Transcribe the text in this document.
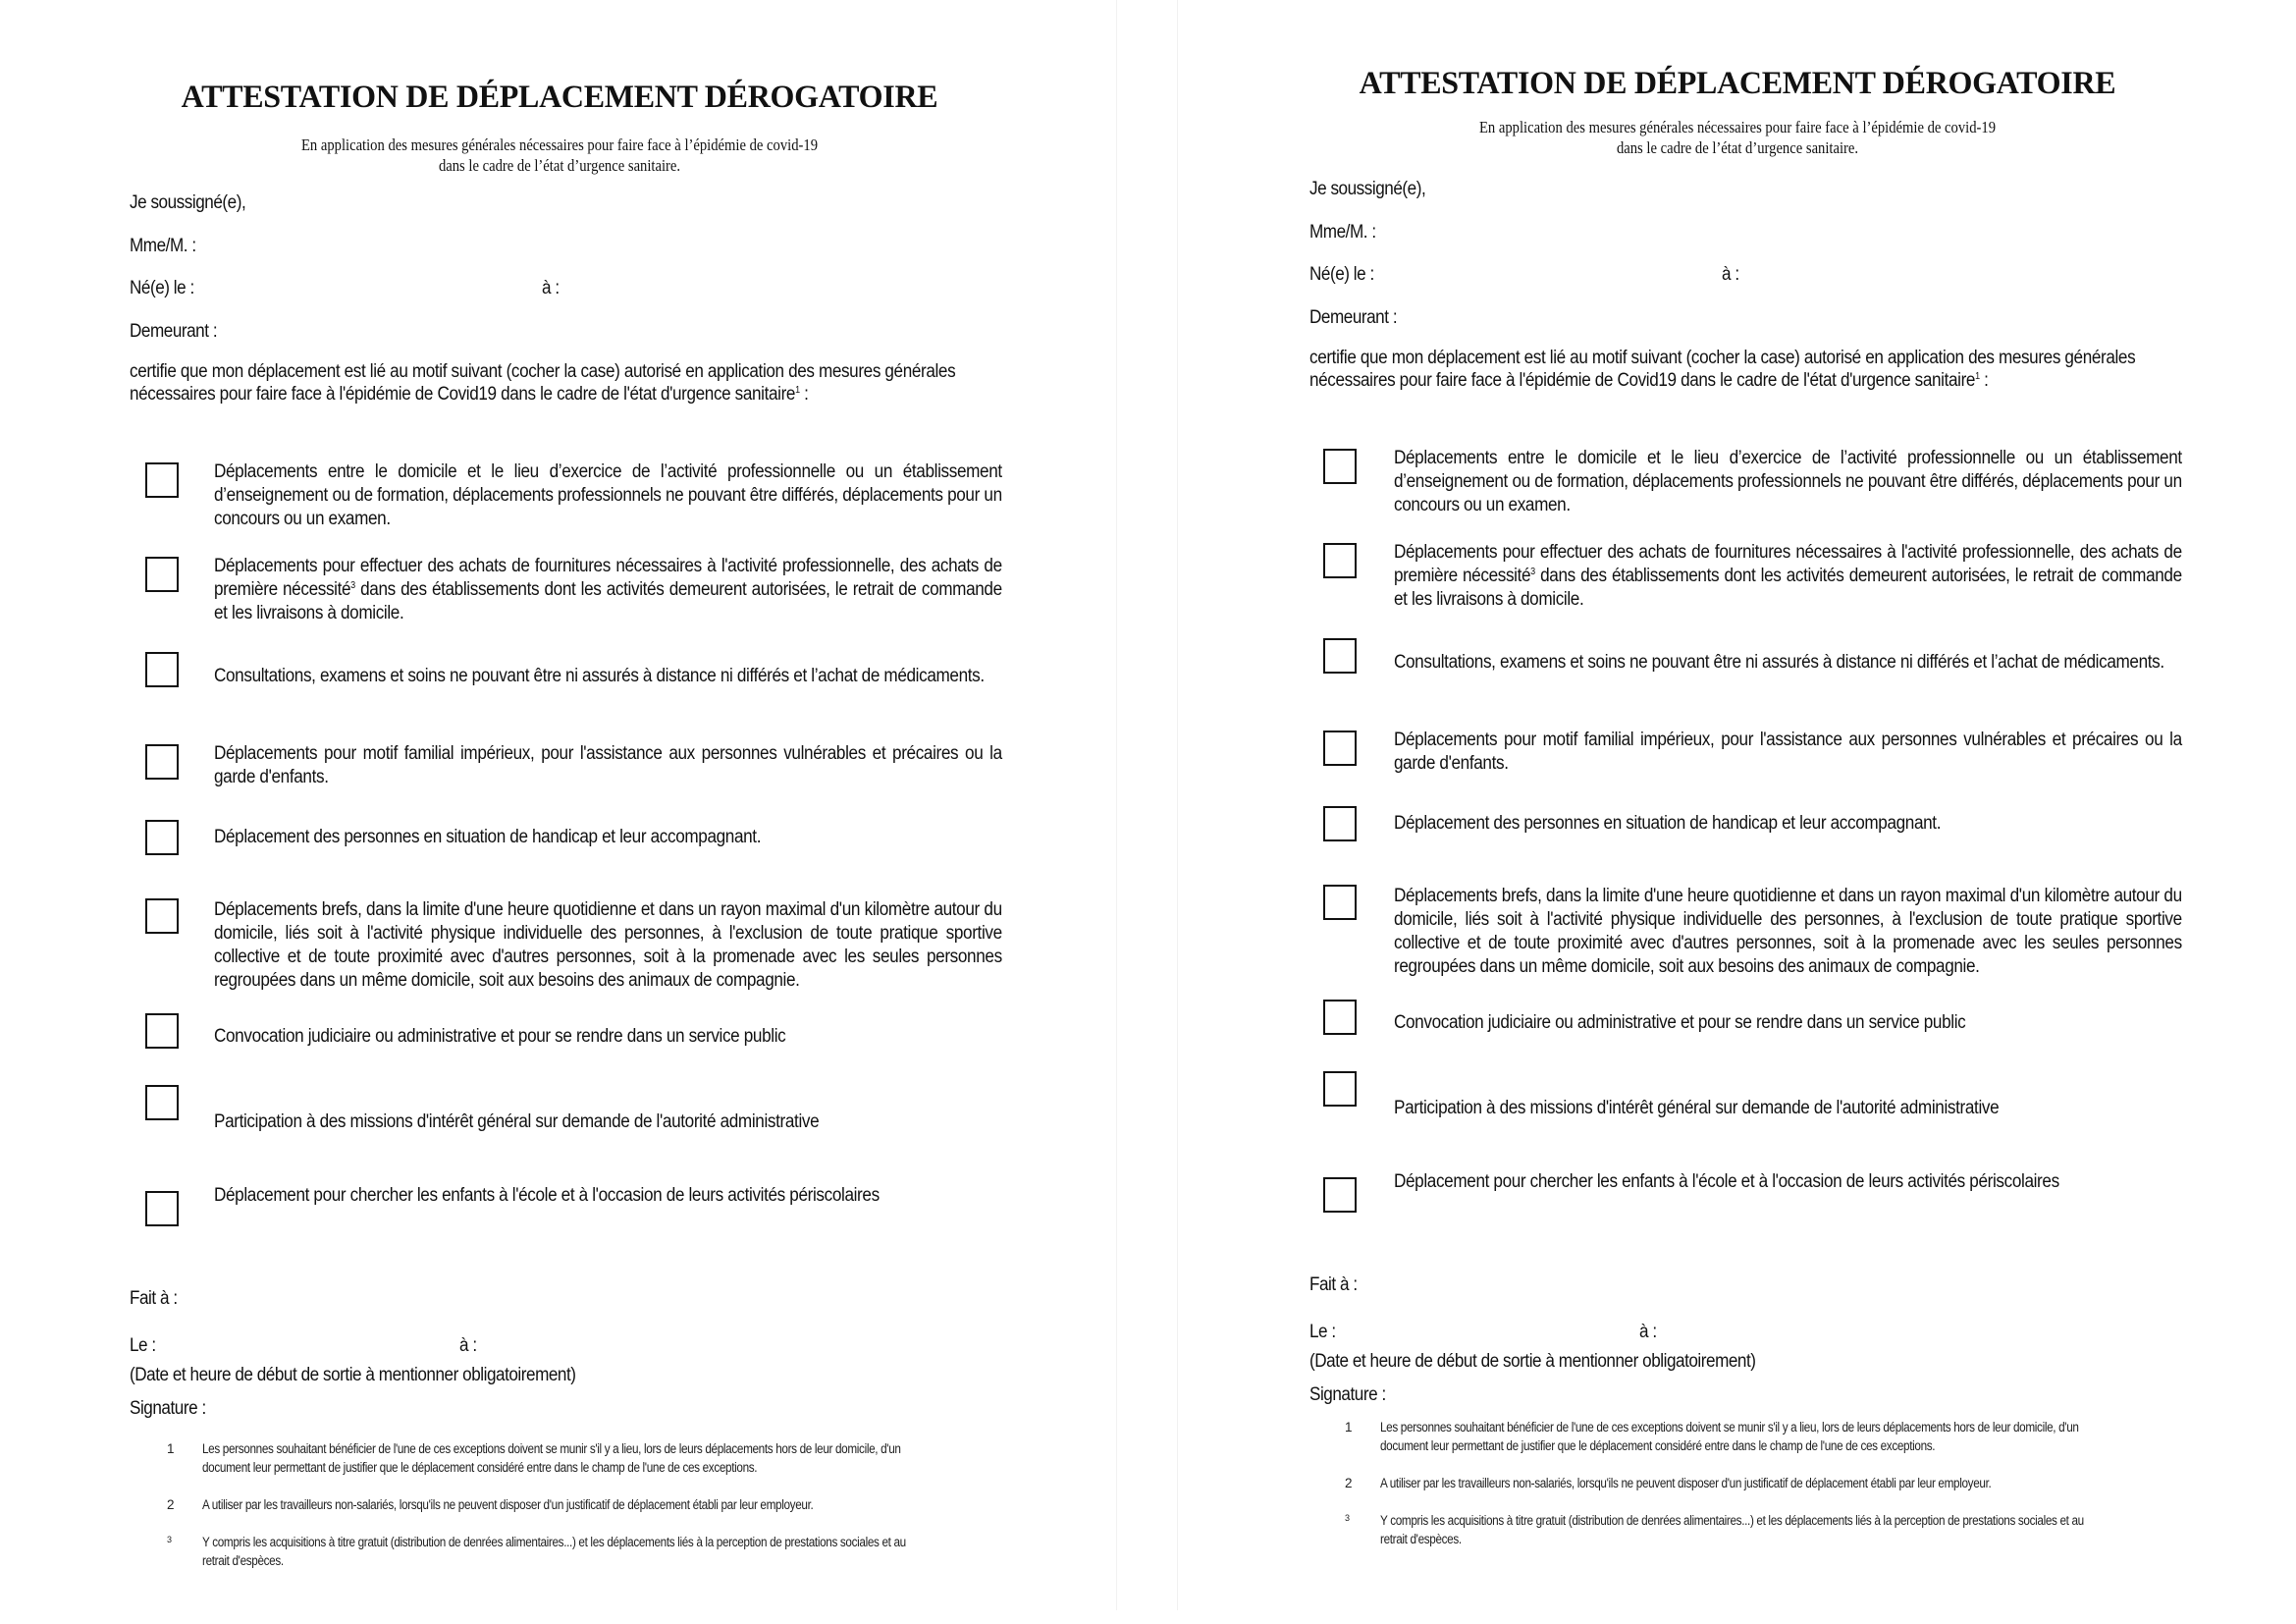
ATTESTATION DE DÉPLACEMENT DÉROGATOIRE
En application des mesures générales nécessaires pour faire face à l’épidémie de covid-19
dans le cadre de l’état d’urgence sanitaire.
Je soussigné(e),
Mme/M. :
Né(e) le :	à :
Demeurant :
certifie que mon déplacement est lié au motif suivant (cocher la case) autorisé en application des mesures générales nécessaires pour faire face à l'épidémie de Covid19 dans le cadre de l'état d'urgence sanitaire$^1$ :
Déplacements entre le domicile et le lieu d’exercice de l’activité professionnelle ou un établissement d’enseignement ou de formation, déplacements professionnels ne pouvant être différés, déplacements pour un concours ou un examen.
Déplacements pour effectuer des achats de fournitures nécessaires à l'activité professionnelle, des achats de première nécessité$^3$ dans des établissements dont les activités demeurent autorisées, le retrait de commande et les livraisons à domicile.
Consultations, examens et soins ne pouvant être ni assurés à distance ni différés et l’achat de médicaments.
Déplacements pour motif familial impérieux, pour l'assistance aux personnes vulnérables et précaires ou la garde d'enfants.
Déplacement des personnes en situation de handicap et leur accompagnant.
Déplacements brefs, dans la limite d'une heure quotidienne et dans un rayon maximal d'un kilomètre autour du domicile, liés soit à l'activité physique individuelle des personnes, à l'exclusion de toute pratique sportive collective et de toute proximité avec d'autres personnes, soit à la promenade avec les seules personnes regroupées dans un même domicile, soit aux besoins des animaux de compagnie.
Convocation judiciaire ou administrative et pour se rendre dans un service public
Participation à des missions d'intérêt général sur demande de l'autorité administrative
Déplacement pour chercher les enfants à l'école et à l'occasion de leurs activités périscolaires
Fait à :
Le :	à :
(Date et heure de début de sortie à mentionner obligatoirement)
Signature :
1 Les personnes souhaitant bénéficier de l'une de ces exceptions doivent se munir s'il y a lieu, lors de leurs déplacements hors de leur domicile, d'un document leur permettant de justifier que le déplacement considéré entre dans le champ de l'une de ces exceptions.
2 A utiliser par les travailleurs non-salariés, lorsqu'ils ne peuvent disposer d'un justificatif de déplacement établi par leur employeur.
3 Y compris les acquisitions à titre gratuit (distribution de denrées alimentaires...) et les déplacements liés à la perception de prestations sociales et au retrait d'espèces.
ATTESTATION DE DÉPLACEMENT DÉROGATOIRE
En application des mesures générales nécessaires pour faire face à l’épidémie de covid-19
dans le cadre de l’état d’urgence sanitaire.
Je soussigné(e),
Mme/M. :
Né(e) le :	à :
Demeurant :
certifie que mon déplacement est lié au motif suivant (cocher la case) autorisé en application des mesures générales nécessaires pour faire face à l'épidémie de Covid19 dans le cadre de l'état d'urgence sanitaire$^1$ :
Déplacements entre le domicile et le lieu d’exercice de l’activité professionnelle ou un établissement d’enseignement ou de formation, déplacements professionnels ne pouvant être différés, déplacements pour un concours ou un examen.
Déplacements pour effectuer des achats de fournitures nécessaires à l'activité professionnelle, des achats de première nécessité$^3$ dans des établissements dont les activités demeurent autorisées, le retrait de commande et les livraisons à domicile.
Consultations, examens et soins ne pouvant être ni assurés à distance ni différés et l’achat de médicaments.
Déplacements pour motif familial impérieux, pour l'assistance aux personnes vulnérables et précaires ou la garde d'enfants.
Déplacement des personnes en situation de handicap et leur accompagnant.
Déplacements brefs, dans la limite d'une heure quotidienne et dans un rayon maximal d'un kilomètre autour du domicile, liés soit à l'activité physique individuelle des personnes, à l'exclusion de toute pratique sportive collective et de toute proximité avec d'autres personnes, soit à la promenade avec les seules personnes regroupées dans un même domicile, soit aux besoins des animaux de compagnie.
Convocation judiciaire ou administrative et pour se rendre dans un service public
Participation à des missions d'intérêt général sur demande de l'autorité administrative
Déplacement pour chercher les enfants à l'école et à l'occasion de leurs activités périscolaires
Fait à :
Le :	à :
(Date et heure de début de sortie à mentionner obligatoirement)
Signature :
1 Les personnes souhaitant bénéficier de l'une de ces exceptions doivent se munir s'il y a lieu, lors de leurs déplacements hors de leur domicile, d'un document leur permettant de justifier que le déplacement considéré entre dans le champ de l'une de ces exceptions.
2 A utiliser par les travailleurs non-salariés, lorsqu'ils ne peuvent disposer d'un justificatif de déplacement établi par leur employeur.
3 Y compris les acquisitions à titre gratuit (distribution de denrées alimentaires...) et les déplacements liés à la perception de prestations sociales et au retrait d'espèces.
